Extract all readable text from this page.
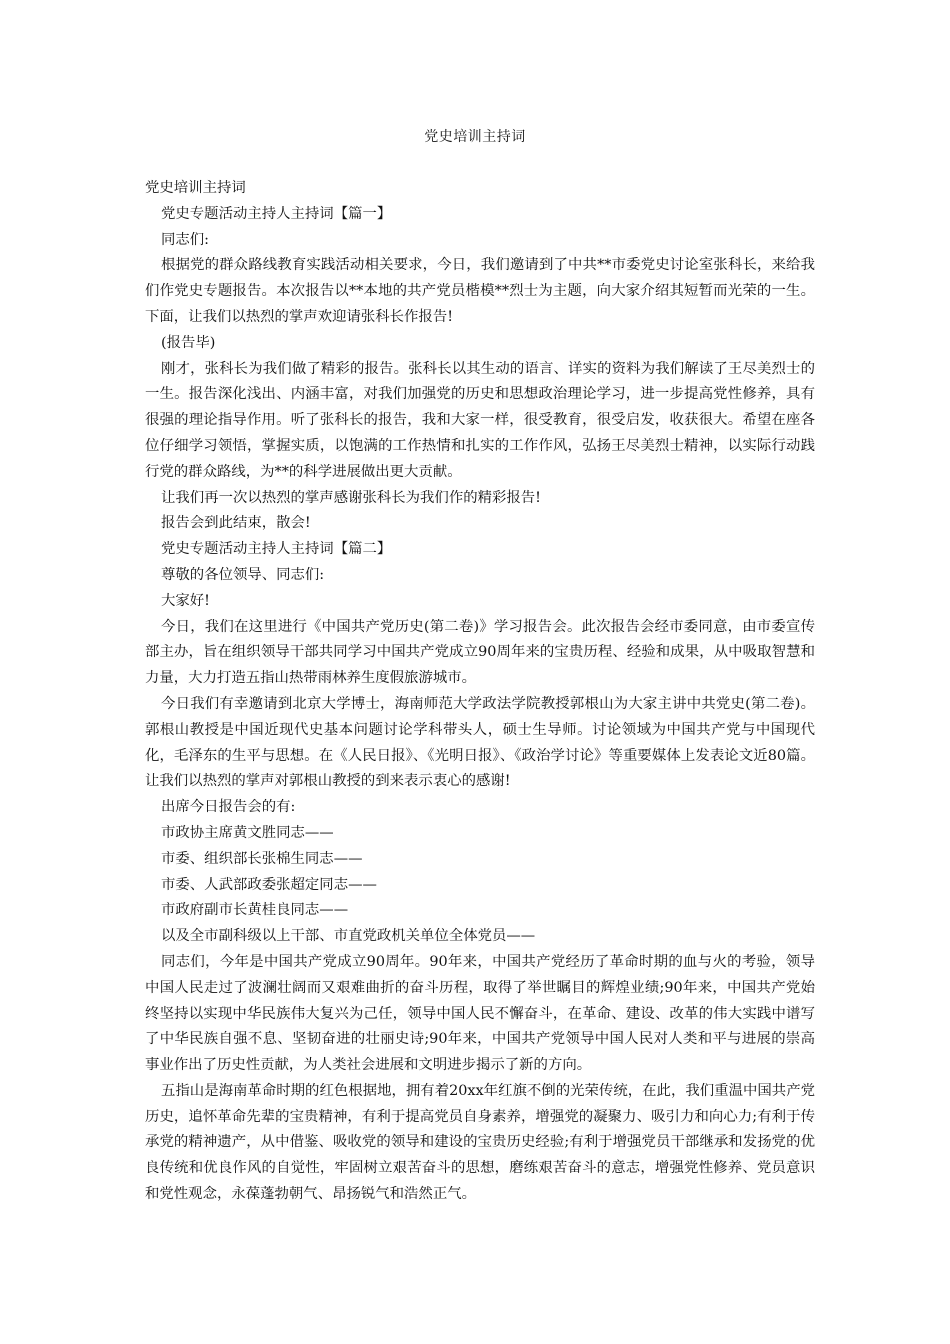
党史培训主持词

党史培训主持词

党史专题活动主持人主持词【篇一】

同志们:

根据党的群众路线教育实践活动相关要求，今日，我们邀请到了中共**市委党史讨论室张科长，来给我们作党史专题报告。本次报告以**本地的共产党员楷模**烈士为主题，向大家介绍其短暂而光荣的一生。下面，让我们以热烈的掌声欢迎请张科长作报告!

(报告毕)

刚才，张科长为我们做了精彩的报告。张科长以其生动的语言、详实的资料为我们解读了王尽美烈士的一生。报告深化浅出、内涵丰富，对我们加强党的历史和思想政治理论学习，进一步提高党性修养，具有很强的理论指导作用。听了张科长的报告，我和大家一样，很受教育，很受启发，收获很大。希望在座各位仔细学习领悟，掌握实质，以饱满的工作热情和扎实的工作作风，弘扬王尽美烈士精神，以实际行动践行党的群众路线，为**的科学进展做出更大贡献。

让我们再一次以热烈的掌声感谢张科长为我们作的精彩报告!

报告会到此结束，散会!

党史专题活动主持人主持词【篇二】

尊敬的各位领导、同志们:

大家好!

今日，我们在这里进行《中国共产党历史(第二卷)》学习报告会。此次报告会经市委同意，由市委宣传部主办，旨在组织领导干部共同学习中国共产党成立90周年来的宝贵历程、经验和成果，从中吸取智慧和力量，大力打造五指山热带雨林养生度假旅游城市。

今日我们有幸邀请到北京大学博士，海南师范大学政法学院教授郭根山为大家主讲中共党史(第二卷)。郭根山教授是中国近现代史基本问题讨论学科带头人，硕士生导师。讨论领域为中国共产党与中国现代化，毛泽东的生平与思想。在《人民日报》、《光明日报》、《政治学讨论》等重要媒体上发表论文近80篇。让我们以热烈的掌声对郭根山教授的到来表示衷心的感谢!

出席今日报告会的有:

市政协主席黄文胜同志——

市委、组织部长张棉生同志——

市委、人武部政委张超定同志——

市政府副市长黄桂良同志——

以及全市副科级以上干部、市直党政机关单位全体党员——

同志们，今年是中国共产党成立90周年。90年来，中国共产党经历了革命时期的血与火的考验，领导中国人民走过了波澜壮阔而又艰难曲折的奋斗历程，取得了举世瞩目的辉煌业绩;90年来，中国共产党始终坚持以实现中华民族伟大复兴为己任，领导中国人民不懈奋斗，在革命、建设、改革的伟大实践中谱写了中华民族自强不息、坚韧奋进的壮丽史诗;90年来，中国共产党领导中国人民对人类和平与进展的崇高事业作出了历史性贡献，为人类社会进展和文明进步揭示了新的方向。

五指山是海南革命时期的红色根据地，拥有着20xx年红旗不倒的光荣传统，在此，我们重温中国共产党历史，追怀革命先辈的宝贵精神，有利于提高党员自身素养，增强党的凝聚力、吸引力和向心力;有利于传承党的精神遗产，从中借鉴、吸收党的领导和建设的宝贵历史经验;有利于增强党员干部继承和发扬党的优良传统和优良作风的自觉性，牢固树立艰苦奋斗的思想，磨练艰苦奋斗的意志，增强党性修养、党员意识和党性观念，永葆蓬勃朝气、昂扬锐气和浩然正气。
